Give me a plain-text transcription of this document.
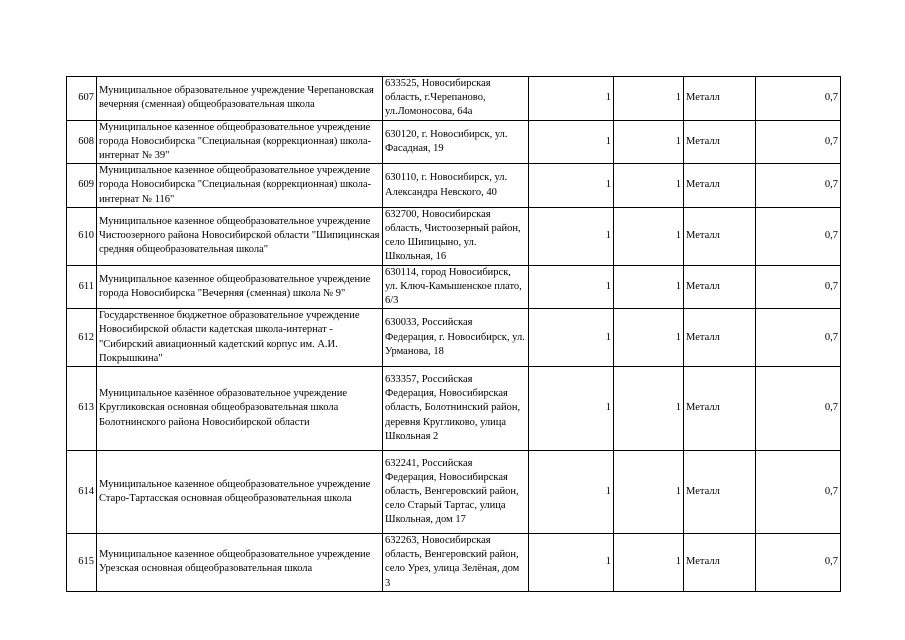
607	Муниципальное образовательное учреждение Черепановская вечерняя (сменная) общеобразовательная школа	633525, Новосибирская область, г.Черепаново, ул.Ломоносова, 64а	1	1	Металл	0,7
608	Муниципальное казенное общеобразовательное учреждение города Новосибирска "Специальная (коррекционная) школа-интернат № 39"	630120, г. Новосибирск, ул. Фасадная, 19	1	1	Металл	0,7
609	Муниципальное казенное общеобразовательное учреждение города Новосибирска "Специальная (коррекционная) школа-интернат № 116"	630110, г. Новосибирск, ул. Александра Невского, 40	1	1	Металл	0,7
610	Муниципальное казенное общеобразовательное учреждение Чистоозерного района Новосибирской области "Шипицинская средняя общеобразовательная школа"	632700, Новосибирская область, Чистоозерный район, село Шипицыно, ул. Школьная, 16	1	1	Металл	0,7
611	Муниципальное казенное общеобразовательное учреждение города Новосибирска "Вечерняя (сменная) школа № 9"	630114, город Новосибирск, ул. Ключ-Камышенское плато, 6/3	1	1	Металл	0,7
612	Государственное бюджетное образовательное учреждение Новосибирской области кадетская школа-интернат - "Сибирский авиационный кадетский корпус им. А.И. Покрышкина"	630033, Российская Федерация, г. Новосибирск, ул. Урманова, 18	1	1	Металл	0,7
613	Муниципальное казённое образовательное учреждение Кругликовская основная общеобразовательная школа Болотнинского района Новосибирской области	633357, Российская Федерация, Новосибирская область, Болотнинский район, деревня Кругликово, улица Школьная 2	1	1	Металл	0,7
614	Муниципальное казенное общеобразовательное учреждение Старо-Тартасская основная общеобразовательная школа	632241, Российская Федерация, Новосибирская область, Венгеровский район, село Старый Тартас, улица Школьная, дом 17	1	1	Металл	0,7
615	Муниципальное казенное общеобразовательное учреждение Урезская основная общеобразовательная школа	632263, Новосибирская область, Венгеровский район, село Урез, улица Зелёная, дом 3	1	1	Металл	0,7
